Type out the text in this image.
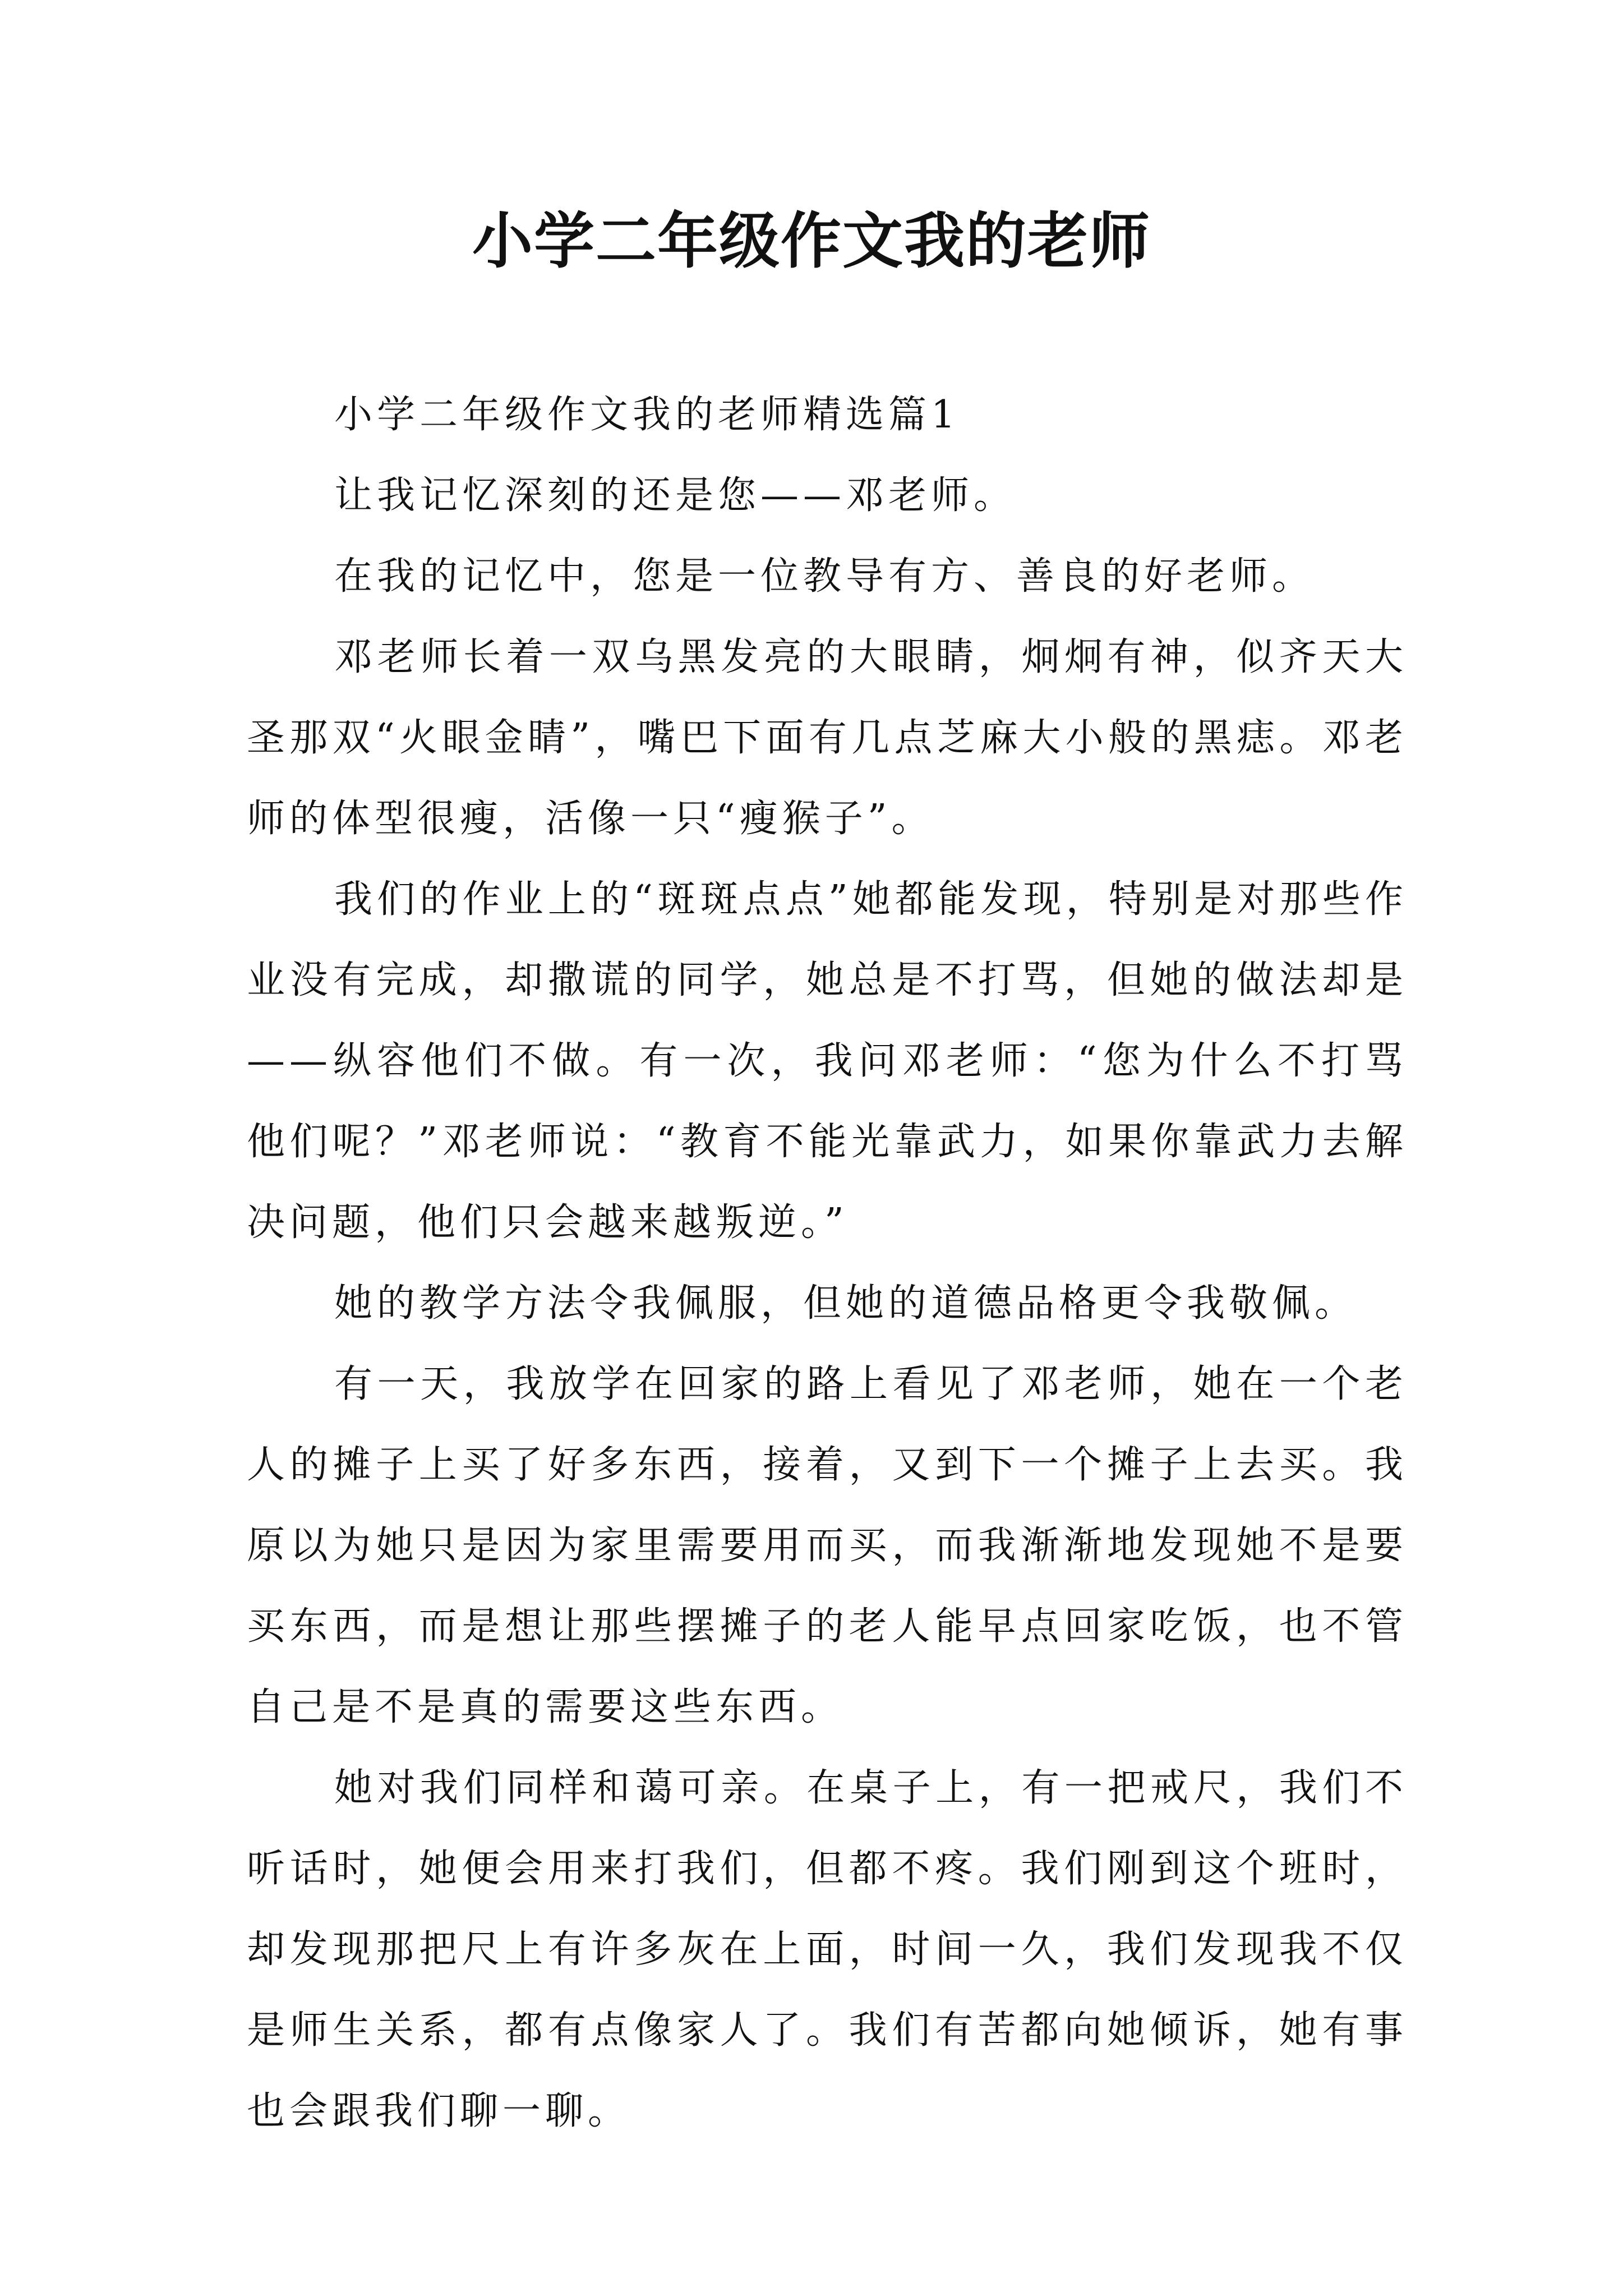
小学二年级作文我的老师

小学二年级作文我的老师精选篇1

让我记忆深刻的还是您——邓老师。

在我的记忆中，您是一位教导有方、善良的好老师。

邓老师长着一双乌黑发亮的大眼睛，炯炯有神，似齐天大圣那双“火眼金睛”，嘴巴下面有几点芝麻大小般的黑痣。邓老师的体型很瘦，活像一只“瘦猴子”。

我们的作业上的“斑斑点点”她都能发现，特别是对那些作业没有完成，却撒谎的同学，她总是不打骂，但她的做法却是——纵容他们不做。有一次，我问邓老师：“您为什么不打骂他们呢？”邓老师说：“教育不能光靠武力，如果你靠武力去解决问题，他们只会越来越叛逆。”

她的教学方法令我佩服，但她的道德品格更令我敬佩。

有一天，我放学在回家的路上看见了邓老师，她在一个老人的摊子上买了好多东西，接着，又到下一个摊子上去买。我原以为她只是因为家里需要用而买，而我渐渐地发现她不是要买东西，而是想让那些摆摊子的老人能早点回家吃饭，也不管自己是不是真的需要这些东西。

她对我们同样和蔼可亲。在桌子上，有一把戒尺，我们不听话时，她便会用来打我们，但都不疼。我们刚到这个班时，却发现那把尺上有许多灰在上面，时间一久，我们发现我不仅是师生关系，都有点像家人了。我们有苦都向她倾诉，她有事也会跟我们聊一聊。
